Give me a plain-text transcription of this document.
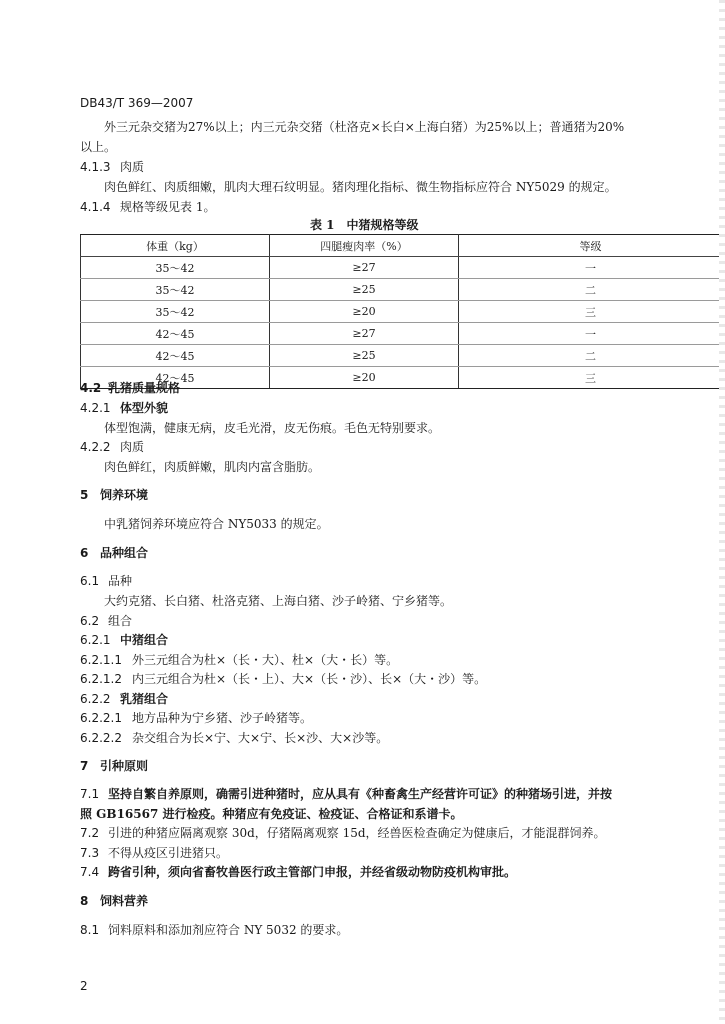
DB43/T 369—2007
外三元杂交猪为27%以上；内三元杂交猪（杜洛克×长白×上海白猪）为25%以上；普通猪为20%
以上。
4.1.3 肉质
肉色鲜红、肉质细嫩，肌肉大理石纹明显。猪肉理化指标、微生物指标应符合 NY5029 的规定。
4.1.4 规格等级见表 1。
表 1　中猪规格等级
体重（kg）	四腿瘦肉率（%）	等级
35～42	≥27	一
35～42	≥25	二
35～42	≥20	三
42～45	≥27	一
42～45	≥25	二
42～45	≥20	三
4.2 乳猪质量规格
4.2.1 体型外貌
体型饱满，健康无病，皮毛光滑，皮无伤痕。毛色无特别要求。
4.2.2 肉质
肉色鲜红，肉质鲜嫩，肌肉内富含脂肪。
5 饲养环境
中乳猪饲养环境应符合 NY5033 的规定。
6 品种组合
6.1 品种
大约克猪、长白猪、杜洛克猪、上海白猪、沙子岭猪、宁乡猪等。
6.2 组合
6.2.1 中猪组合
6.2.1.1 外三元组合为杜×（长・大）、杜×（大・长）等。
6.2.1.2 内三元组合为杜×（长・上）、大×（长・沙）、长×（大・沙）等。
6.2.2 乳猪组合
6.2.2.1 地方品种为宁乡猪、沙子岭猪等。
6.2.2.2 杂交组合为长×宁、大×宁、长×沙、大×沙等。
7 引种原则
7.1 坚持自繁自养原则，确需引进种猪时，应从具有《种畜禽生产经营许可证》的种猪场引进，并按
照 GB16567 进行检疫。种猪应有免疫证、检疫证、合格证和系谱卡。
7.2 引进的种猪应隔离观察 30d，仔猪隔离观察 15d，经兽医检查确定为健康后，才能混群饲养。
7.3 不得从疫区引进猪只。
7.4 跨省引种，须向省畜牧兽医行政主管部门申报，并经省级动物防疫机构审批。
8 饲料营养
8.1 饲料原料和添加剂应符合 NY 5032 的要求。
2
